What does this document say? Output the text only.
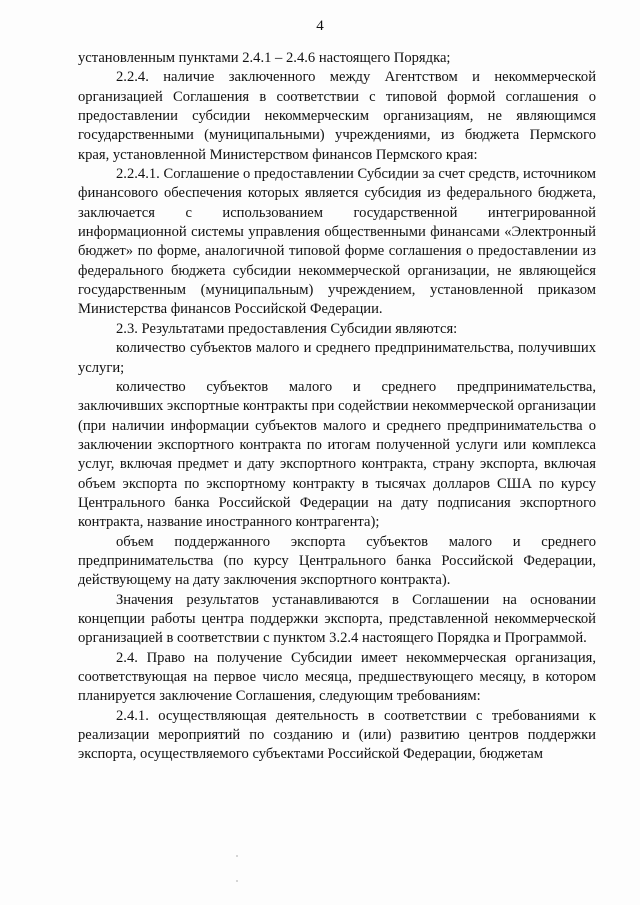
4

установленным пунктами 2.4.1 – 2.4.6 настоящего Порядка;

2.2.4. наличие заключенного между Агентством и некоммерческой организацией Соглашения в соответствии с типовой формой соглашения о предоставлении субсидии некоммерческим организациям, не являющимся государственными (муниципальными) учреждениями, из бюджета Пермского края, установленной Министерством финансов Пермского края:

2.2.4.1. Соглашение о предоставлении Субсидии за счет средств, источником финансового обеспечения которых является субсидия из федерального бюджета, заключается с использованием государственной интегрированной информационной системы управления общественными финансами «Электронный бюджет» по форме, аналогичной типовой форме соглашения о предоставлении из федерального бюджета субсидии некоммерческой организации, не являющейся государственным (муниципальным) учреждением, установленной приказом Министерства финансов Российской Федерации.

2.3. Результатами предоставления Субсидии являются:

количество субъектов малого и среднего предпринимательства, получивших услуги;

количество субъектов малого и среднего предпринимательства, заключивших экспортные контракты при содействии некоммерческой организации (при наличии информации субъектов малого и среднего предпринимательства о заключении экспортного контракта по итогам полученной услуги или комплекса услуг, включая предмет и дату экспортного контракта, страну экспорта, включая объем экспорта по экспортному контракту в тысячах долларов США по курсу Центрального банка Российской Федерации на дату подписания экспортного контракта, название иностранного контрагента);

объем поддержанного экспорта субъектов малого и среднего предпринимательства (по курсу Центрального банка Российской Федерации, действующему на дату заключения экспортного контракта).

Значения результатов устанавливаются в Соглашении на основании концепции работы центра поддержки экспорта, представленной некоммерческой организацией в соответствии с пунктом 3.2.4 настоящего Порядка и Программой.

2.4. Право на получение Субсидии имеет некоммерческая организация, соответствующая на первое число месяца, предшествующего месяцу, в котором планируется заключение Соглашения, следующим требованиям:

2.4.1. осуществляющая деятельность в соответствии с требованиями к реализации мероприятий по созданию и (или) развитию центров поддержки экспорта, осуществляемого субъектами Российской Федерации, бюджетам
